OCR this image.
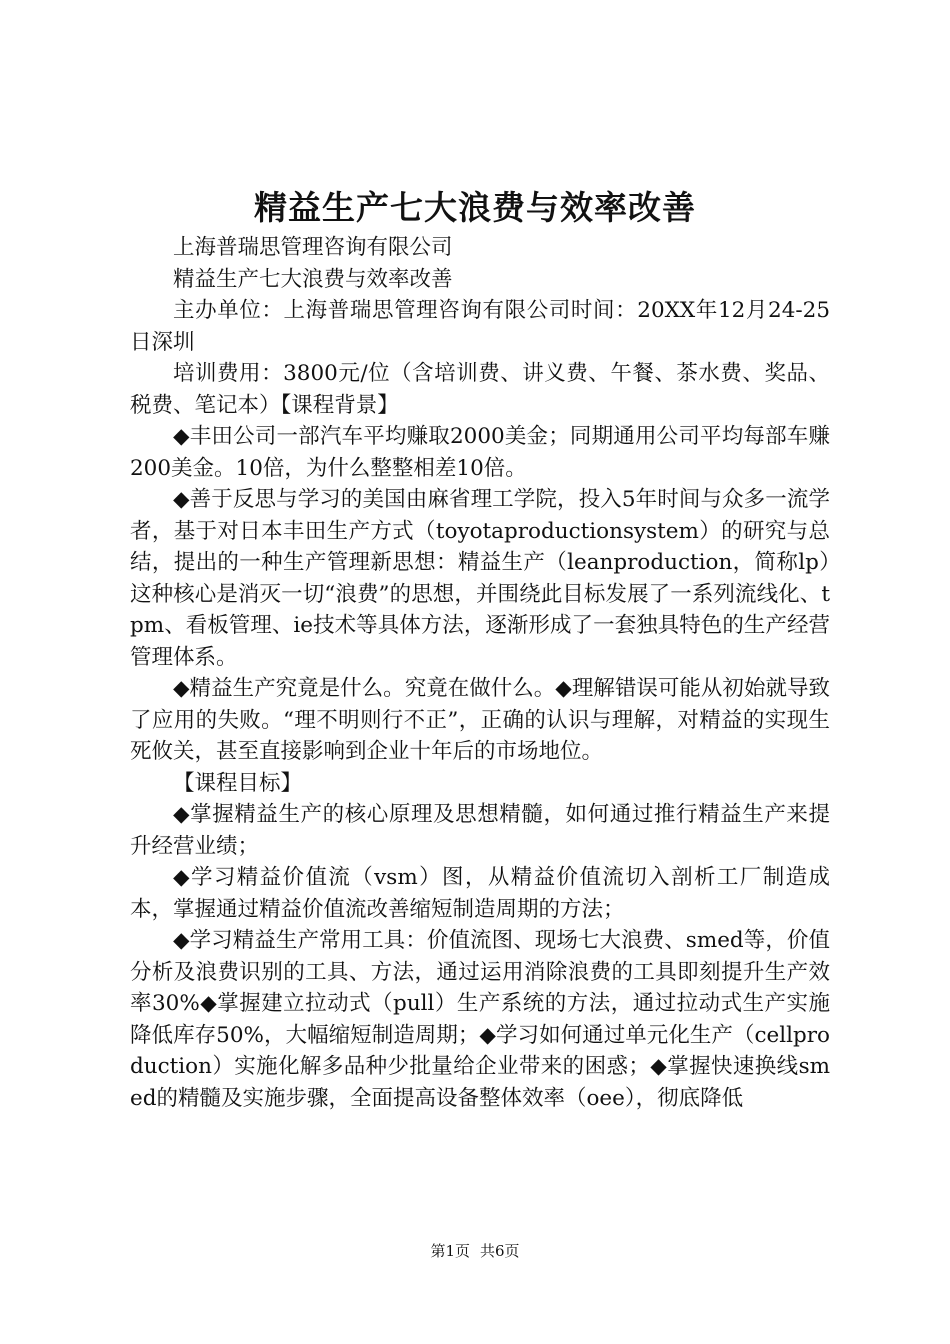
精益生产七大浪费与效率改善

上海普瑞思管理咨询有限公司

精益生产七大浪费与效率改善

主办单位：上海普瑞思管理咨询有限公司时间：20XX年12月24-25日深圳

培训费用：3800元/位（含培训费、讲义费、午餐、茶水费、奖品、税费、笔记本）【课程背景】

◆丰田公司一部汽车平均赚取2000美金；同期通用公司平均每部车赚200美金。10倍，为什么整整相差10倍。

◆善于反思与学习的美国由麻省理工学院，投入5年时间与众多一流学者，基于对日本丰田生产方式（toyotaproductionsystem）的研究与总结，提出的一种生产管理新思想：精益生产（leanproduction，简称lp）这种核心是消灭一切“浪费”的思想，并围绕此目标发展了一系列流线化、tpm、看板管理、ie技术等具体方法，逐渐形成了一套独具特色的生产经营管理体系。

◆精益生产究竟是什么。究竟在做什么。◆理解错误可能从初始就导致了应用的失败。“理不明则行不正”，正确的认识与理解，对精益的实现生死攸关，甚至直接影响到企业十年后的市场地位。

【课程目标】

◆掌握精益生产的核心原理及思想精髓，如何通过推行精益生产来提升经营业绩；

◆学习精益价值流（vsm）图，从精益价值流切入剖析工厂制造成本，掌握通过精益价值流改善缩短制造周期的方法；

◆学习精益生产常用工具：价值流图、现场七大浪费、smed等，价值分析及浪费识别的工具、方法，通过运用消除浪费的工具即刻提升生产效率30%◆掌握建立拉动式（pull）生产系统的方法，通过拉动式生产实施降低库存50%，大幅缩短制造周期；◆学习如何通过单元化生产（cellproduction）实施化解多品种少批量给企业带来的困惑；◆掌握快速换线smed的精髓及实施步骤，全面提高设备整体效率（oee），彻底降低

第1页 共6页
